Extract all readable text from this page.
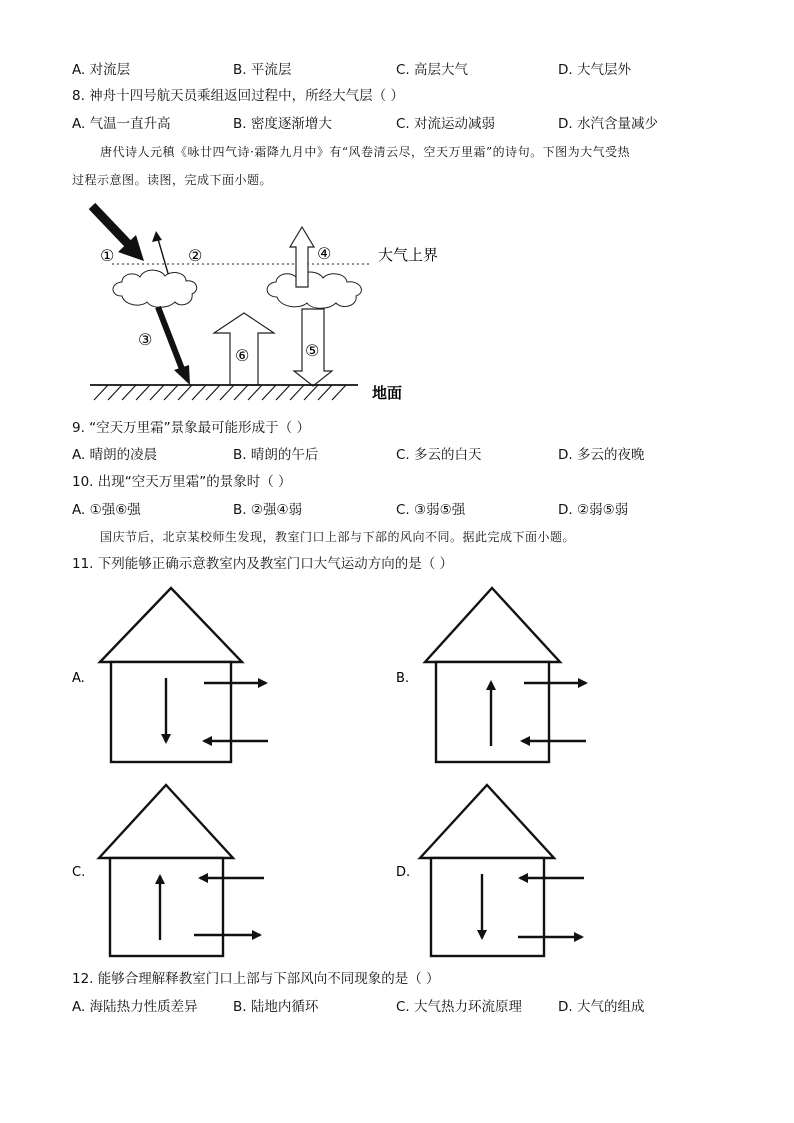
A. 对流层	B. 平流层	C. 高层大气	D. 大气层外
8. 神舟十四号航天员乘组返回过程中，所经大气层（ ）
A. 气温一直升高	B. 密度逐渐增大	C. 对流运动减弱	D. 水汽含量减少
唐代诗人元稹《咏廿四气诗·霜降九月中》有“风卷清云尽，空天万里霜”的诗句。下图为大气受热
过程示意图。读图，完成下面小题。
①	②
③
⑥
④
⑤
大气上界
地面
9. “空天万里霜”景象最可能形成于（ ）
A. 晴朗的凌晨	B. 晴朗的午后	C. 多云的白天	D. 多云的夜晚
10. 出现“空天万里霜”的景象时（ ）
A. ①强⑥强	B. ②强④弱	C. ③弱⑤强	D. ②弱⑤弱
国庆节后，北京某校师生发现，教室门口上部与下部的风向不同。据此完成下面小题。
11. 下列能够正确示意教室内及教室门口大气运动方向的是（ ）
A.	B.
C.	D.
12. 能够合理解释教室门口上部与下部风向不同现象的是（ ）
A. 海陆热力性质差异	B. 陆地内循环	C. 大气热力环流原理	D. 大气的组成
